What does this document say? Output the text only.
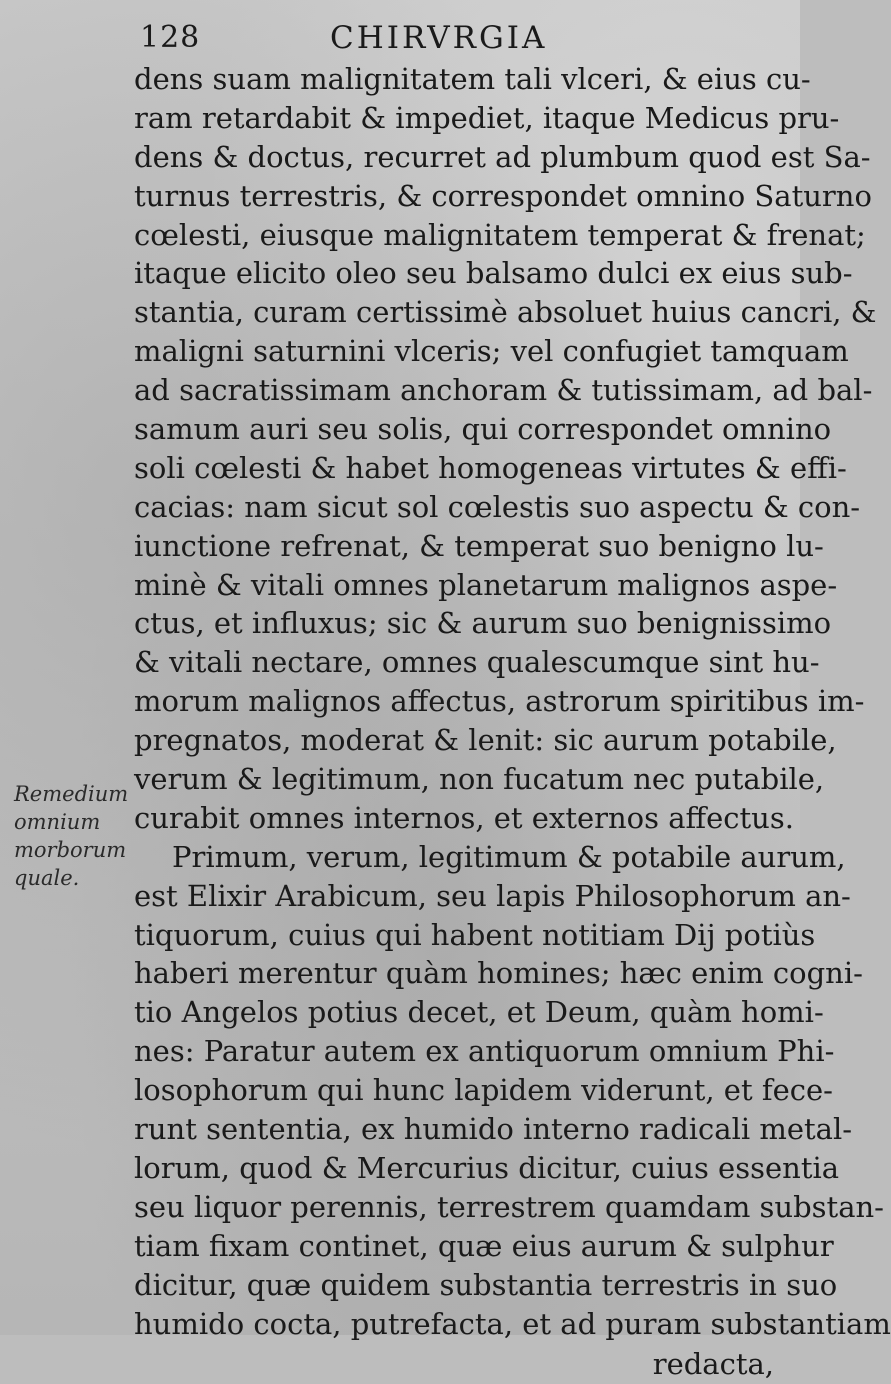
128	CHIRVRGIA
Remedium
omnium
morborum
quale.
dens suam malignitatem tali vlceri, & eius cu-
ram retardabit & impediet, itaque Medicus pru-
dens & doctus, recurret ad plumbum quod est Sa-
turnus terrestris, & correspondet omnino Saturno
cœlesti, eiusque malignitatem temperat & frenat;
itaque elicito oleo seu balsamo dulci ex eius sub-
stantia, curam certissimè absoluet huius cancri, &
maligni saturnini vlceris; vel confugiet tamquam
ad sacratissimam anchoram & tutissimam, ad bal-
samum auri seu solis, qui correspondet omnino
soli cœlesti & habet homogeneas virtutes & effi-
cacias: nam sicut sol cœlestis suo aspectu & con-
iunctione refrenat, & temperat suo benigno lu-
minè & vitali omnes planetarum malignos aspe-
ctus, et influxus; sic & aurum suo benignissimo
& vitali nectare, omnes qualescumque sint hu-
morum malignos affectus, astrorum spiritibus im-
pregnatos, moderat & lenit: sic aurum potabile,
verum & legitimum, non fucatum nec putabile,
curabit omnes internos, et externos affectus.
Primum, verum, legitimum & potabile aurum,
est Elixir Arabicum, seu lapis Philosophorum an-
tiquorum, cuius qui habent notitiam Dij potiùs
haberi merentur quàm homines; hæc enim cogni-
tio Angelos potius decet, et Deum, quàm homi-
nes: Paratur autem ex antiquorum omnium Phi-
losophorum qui hunc lapidem viderunt, et fece-
runt sententia, ex humido interno radicali metal-
lorum, quod & Mercurius dicitur, cuius essentia
seu liquor perennis, terrestrem quamdam substan-
tiam fixam continet, quæ eius aurum & sulphur
dicitur, quæ quidem substantia terrestris in suo
humido cocta, putrefacta, et ad puram substantiam
redacta,
